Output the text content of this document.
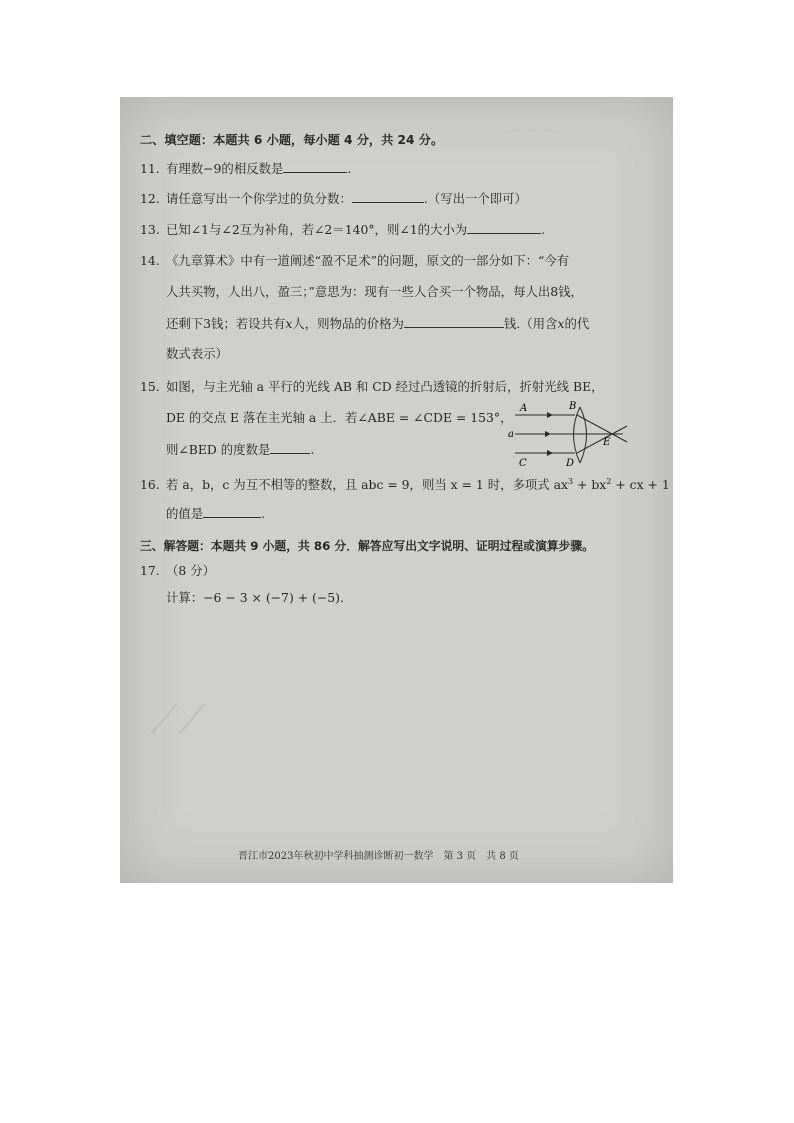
⌒ ⌒ ⌒
⟋⟋
二、填空题：本题共 6 小题，每小题 4 分，共 24 分。
11. 有理数−9的相反数是	.
12. 请任意写出一个你学过的负分数：	.（写出一个即可）
13. 已知∠1与∠2互为补角，若∠2＝140°，则∠1的大小为	.
14. 《九章算术》中有一道阐述“盈不足术”的问题，原文的一部分如下：“今有
人共买物，人出八，盈三；”意思为：现有一些人合买一个物品，每人出8钱，
还剩下3钱；若设共有x人，则物品的价格为	钱.（用含x的代
数式表示）
15. 如图，与主光轴 a 平行的光线 AB 和 CD 经过凸透镜的折射后，折射光线 BE，
DE 的交点 E 落在主光轴 a 上．若∠ABE = ∠CDE = 153°，
则∠BED 的度数是	.
A	B
a
E
C	D
16. 若 a，b，c 为互不相等的整数，且 abc = 9，则当 x = 1 时，多项式 $ax^3 + bx^2$ + cx + 1
的值是	.
三、解答题：本题共 9 小题，共 86 分．解答应写出文字说明、证明过程或演算步骤。
17. （8 分）
计算：−6 − 3 × (−7) + (−5)．
晋江市2023年秋初中学科抽测诊断初一数学　第 3 页　共 8 页
